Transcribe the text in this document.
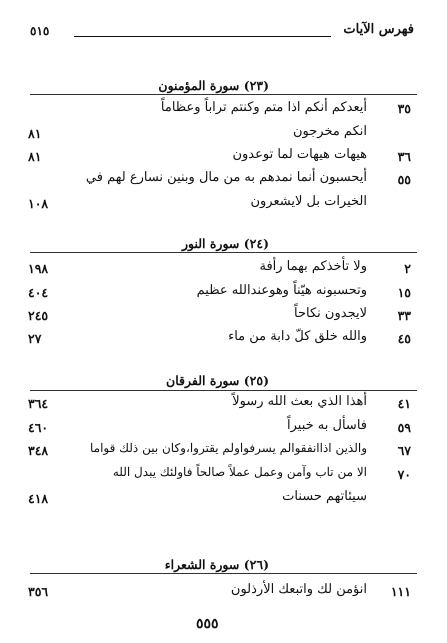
فهرس الآيات
٥١٥
(٢٣) سورة المؤمنون
٣٥
أيعدكم أنكم اذا متم وكنتم تراباً وعظاماً
انكم مخرجون
٨١
٣٦
هيهات هيهات لما توعدون
٨١
٥٥
أيحسبون أنما نمدهم به من مال وبنين نسارع لهم في
الخيرات بل لايشعرون
١٠٨
(٢٤) سورة النور
٢
ولا تأخذكم بهما رأفة
١٩٨
١٥
وتحسبونه هيّناً وهوعندالله عظيم
٤٠٤
٣٣
لايجدون نكاحاً
٢٤٥
٤٥
والله خلق كلّ دابة من ماء
٢٧
(٢٥) سورة الفرقان
٤١
أهذا الذي بعث الله رسولاً
٣٦٤
٥٩
فاسأل به خبيراً
٤٦٠
٦٧
والذين اذاانفقوالم يسرفواولم يقتروا،وكان بين ذلك قواما
٣٤٨
٧٠
الا من تاب وآمن وعمل عملاً صالحاً فاولئك يبدل الله
سيئاتهم حسنات
٤١٨
(٢٦) سورة الشعراء
١١١
انؤمن لك واتبعك الأرذلون
٣٥٦
٥٥٥
